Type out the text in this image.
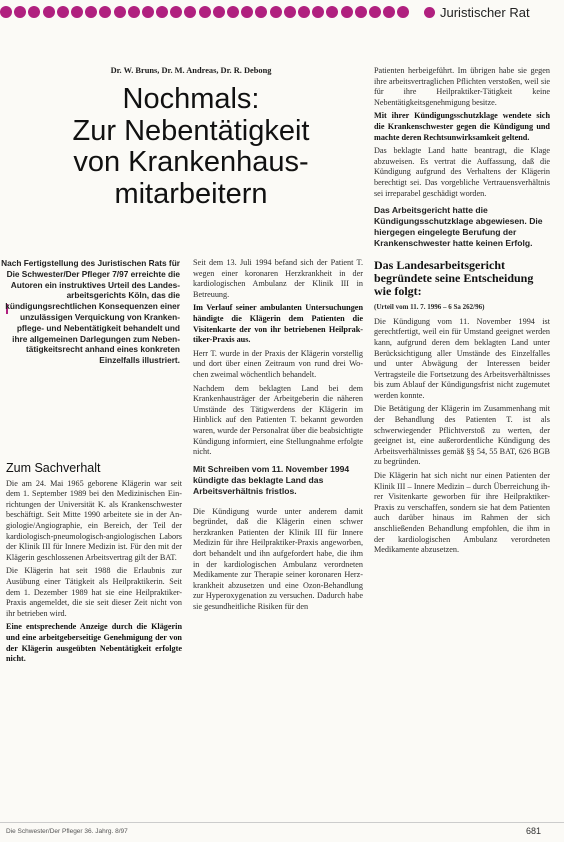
Juristischer Rat
Dr. W. Bruns, Dr. M. Andreas, Dr. R. Debong
Nochmals:
Zur Nebentätigkeit
von Krankenhaus-
mitarbeitern
Nach Fertigstellung des Juristischen Rats für Die Schwester/Der Pfleger 7/97 erreichte die Autoren ein instruktives Urteil des Landesarbeitsgerichts Köln, das die kündigungsrechtlichen Konsequenzen einer unzulässigen Verquickung von Krankenpflege- und Nebentätigkeit behandelt und ihre allgemeinen Darlegungen zum Nebentätigkeitsrecht anhand eines konkreten Einzelfalls illustriert.
Zum Sachverhalt

Die am 24. Mai 1965 geborene Klägerin war seit dem 1. September 1989 bei den Medizinischen Einrichtungen der Universität K. als Krankenschwester beschäftigt. Seit Mitte 1990 arbeitete sie in der Angiologie/Angiographie, ein Bereich, der Teil der kardiologisch-pneumologisch-angiologischen Labors der Klinik III für Innere Medizin ist. Für den mit der Klägerin geschlossenen Arbeitsvertrag gilt der BAT.

Die Klägerin hat seit 1988 die Erlaubnis zur Ausübung einer Tätigkeit als Heilpraktikerin. Seit dem 1. Dezember 1989 hat sie eine Heilpraktiker-Praxis angemeldet, die sie seit dieser Zeit nicht von ihr betrieben wird.

Eine entsprechende Anzeige durch die Klägerin und eine arbeitgeberseitige Genehmigung der von der Klägerin ausgeübten Nebentätigkeit erfolgte nicht.

Seit dem 13. Juli 1994 befand sich der Patient T. wegen einer koronaren Herzkrankheit in der kardiologischen Ambulanz der Klinik III in Betreuung.

Im Verlauf seiner ambulanten Untersuchungen händigte die Klägerin dem Patienten die Visitenkarte der von ihr betriebenen Heilpraktiker-Praxis aus.

Herr T. wurde in der Praxis der Klägerin vorstellig und dort über einen Zeitraum von rund drei Wochen zweimal wöchentlich behandelt.

Nachdem dem beklagten Land bei dem Krankenhausträger der Arbeitgeberin die näheren Umstände des Tätigwerdens der Klägerin im Hinblick auf den Patienten T. bekannt geworden waren, wurde der Personalrat über die beabsichtigte Kündigung informiert, eine Stellungnahme erfolgte nicht.

Mit Schreiben vom 11. November 1994 kündigte das beklagte Land das Arbeitsverhältnis fristlos.

Die Kündigung wurde unter anderem damit begründet, daß die Klägerin einen schwer herzkranken Patienten der Klinik III für Innere Medizin für ihre Heilpraktiker-Praxis angeworben, dort behandelt und ihn aufgefordert habe, die ihm in der kardiologischen Ambulanz verordneten Medikamente zur Therapie seiner koronaren Herzkrankheit abzusetzen und eine Ozon-Behandlung zur Hyperoxygenation zu versuchen. Dadurch habe sie gesundheitliche Risiken für den

Patienten herbeigeführt. Im übrigen habe sie gegen ihre arbeitsvertraglichen Pflichten verstoßen, weil sie für ihre Heilpraktiker-Tätigkeit keine Nebentätigkeitsgenehmigung besitze.

Mit ihrer Kündigungsschutzklage wendete sich die Krankenschwester gegen die Kündigung und machte deren Rechtsunwirksamkeit geltend.

Das beklagte Land hatte beantragt, die Klage abzuweisen. Es vertrat die Auffassung, daß die Kündigung aufgrund des Verhaltens der Klägerin berechtigt sei. Das vorgebliche Vertrauensverhältnis sei irreparabel geschädigt worden.

Das Arbeitsgericht hatte die Kündigungsschutzklage abgewiesen. Die hiergegen eingelegte Berufung der Krankenschwester hatte keinen Erfolg.
Das Landesarbeitsgericht begründete seine Entscheidung wie folgt:
(Urteil vom 11. 7. 1996 – 6 Sa 262/96)

Die Kündigung vom 11. November 1994 ist gerechtfertigt, weil ein für Umstand geeignet werden kann, aufgrund deren dem beklagten Land unter Berücksichtigung aller Umstände des Einzelfalles und unter Abwägung der Interessen beider Vertragsteile die Fortsetzung des Arbeitsverhältnisses bis zum Ablauf der Kündigungsfrist nicht zugemutet werden konnte.

Die Betätigung der Klägerin im Zusammenhang mit der Behandlung des Patienten T. ist als schwerwiegender Pflichtverstoß zu werten, der geeignet ist, eine außerordentliche Kündigung des Arbeitsverhältnisses gemäß §§ 54, 55 BAT, 626 BGB zu begründen.

Die Klägerin hat sich nicht nur einen Patienten der Klinik III – Innere Medizin – durch Überreichung ihrer Visitenkarte geworben für ihre Heilpraktiker-Praxis zu verschaffen, sondern sie hat dem Patienten auch darüber hinaus im Rahmen der sich anschließenden Behandlung empfohlen, die ihm in der kardiologischen Ambulanz verordneten Medikamente abzusetzen.

Die Schwester/Der Pfleger 36. Jahrg. 8/97	681
